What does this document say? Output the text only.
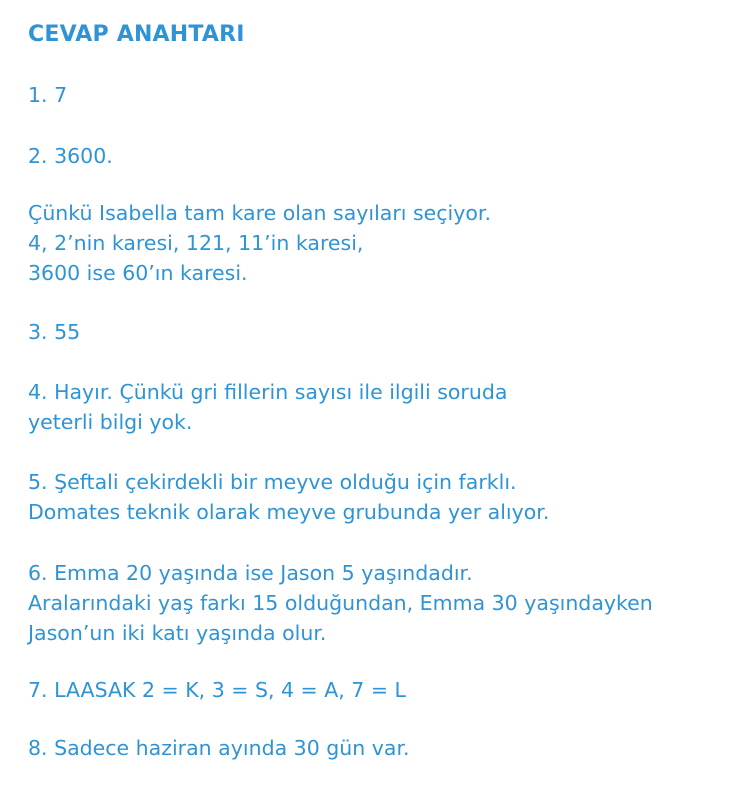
CEVAP ANAHTARI
1. 7
2. 3600.
Çünkü Isabella tam kare olan sayıları seçiyor.
4, 2’nin karesi, 121, 11’in karesi,
3600 ise 60’ın karesi.
3. 55
4. Hayır. Çünkü gri fillerin sayısı ile ilgili soruda
yeterli bilgi yok.
5. Şeftali çekirdekli bir meyve olduğu için farklı.
Domates teknik olarak meyve grubunda yer alıyor.
6. Emma 20 yaşında ise Jason 5 yaşındadır.
Aralarındaki yaş farkı 15 olduğundan, Emma 30 yaşındayken
Jason’un iki katı yaşında olur.
7. LAASAK 2 = K, 3 = S, 4 = A, 7 = L
8. Sadece haziran ayında 30 gün var.
